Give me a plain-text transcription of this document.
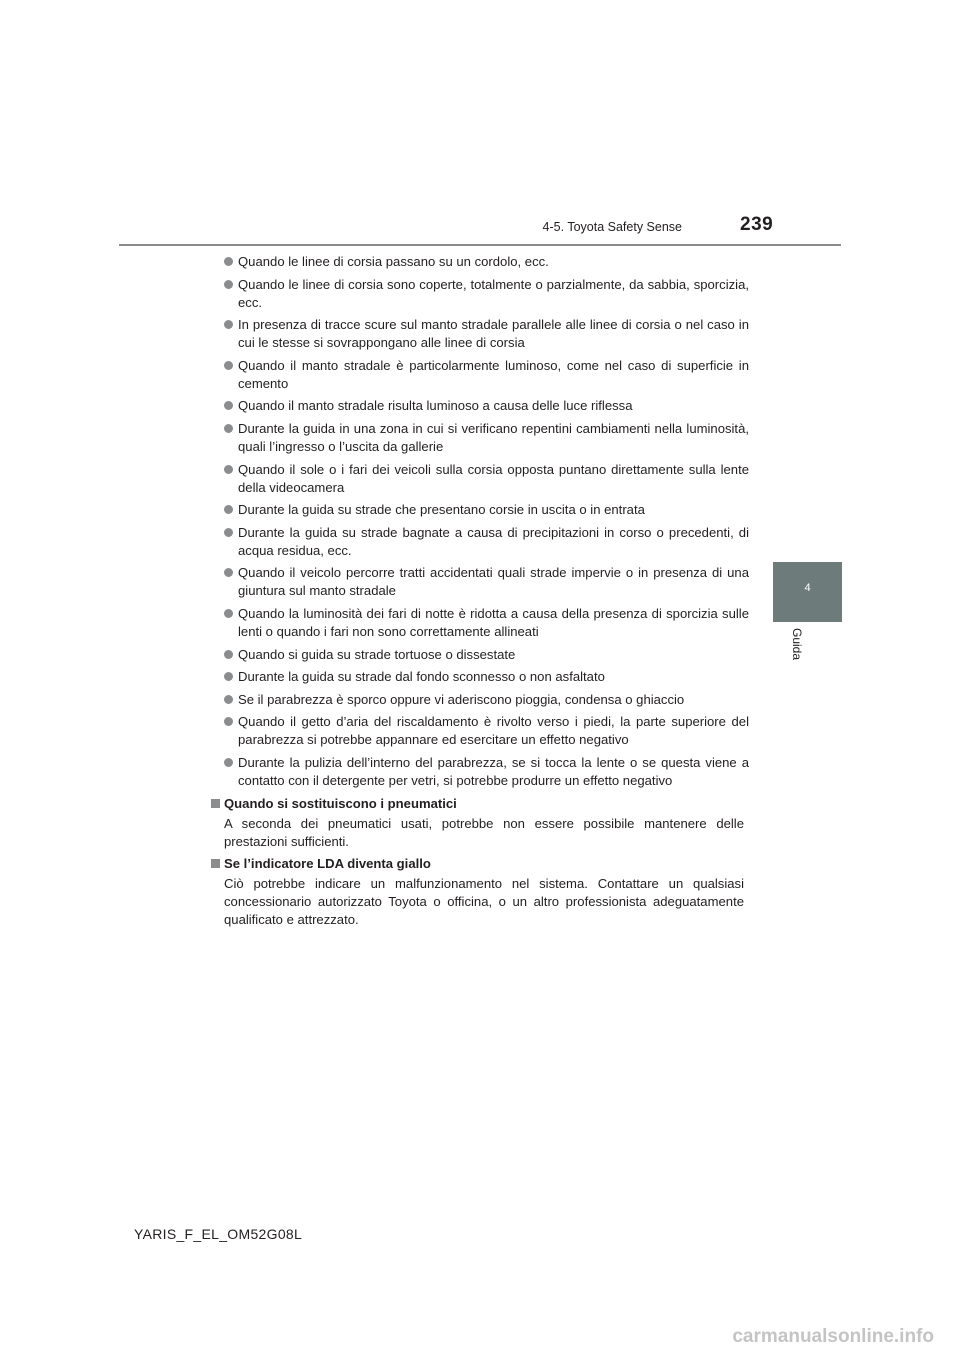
4-5. Toyota Safety Sense	239
4
Guida
Quando le linee di corsia passano su un cordolo, ecc.
Quando le linee di corsia sono coperte, totalmente o parzialmente, da sabbia, sporcizia, ecc.
In presenza di tracce scure sul manto stradale parallele alle linee di corsia o nel caso in cui le stesse si sovrappongano alle linee di corsia
Quando il manto stradale è particolarmente luminoso, come nel caso di superficie in cemento
Quando il manto stradale risulta luminoso a causa delle luce riflessa
Durante la guida in una zona in cui si verificano repentini cambiamenti nella luminosità, quali l’ingresso o l’uscita da gallerie
Quando il sole o i fari dei veicoli sulla corsia opposta puntano direttamente sulla lente della videocamera
Durante la guida su strade che presentano corsie in uscita o in entrata
Durante la guida su strade bagnate a causa di precipitazioni in corso o precedenti, di acqua residua, ecc.
Quando il veicolo percorre tratti accidentati quali strade impervie o in presenza di una giuntura sul manto stradale
Quando la luminosità dei fari di notte è ridotta a causa della presenza di sporcizia sulle lenti o quando i fari non sono correttamente allineati
Quando si guida su strade tortuose o dissestate
Durante la guida su strade dal fondo sconnesso o non asfaltato
Se il parabrezza è sporco oppure vi aderiscono pioggia, condensa o ghiaccio
Quando il getto d’aria del riscaldamento è rivolto verso i piedi, la parte superiore del parabrezza si potrebbe appannare ed esercitare un effetto negativo
Durante la pulizia dell’interno del parabrezza, se si tocca la lente o se questa viene a contatto con il detergente per vetri, si potrebbe produrre un effetto negativo
Quando si sostituiscono i pneumatici
A seconda dei pneumatici usati, potrebbe non essere possibile mantenere delle prestazioni sufficienti.
Se l’indicatore LDA diventa giallo
Ciò potrebbe indicare un malfunzionamento nel sistema. Contattare un qualsiasi concessionario autorizzato Toyota o officina, o un altro professionista adeguatamente qualificato e attrezzato.
YARIS_F_EL_OM52G08L
carmanualsonline.info
